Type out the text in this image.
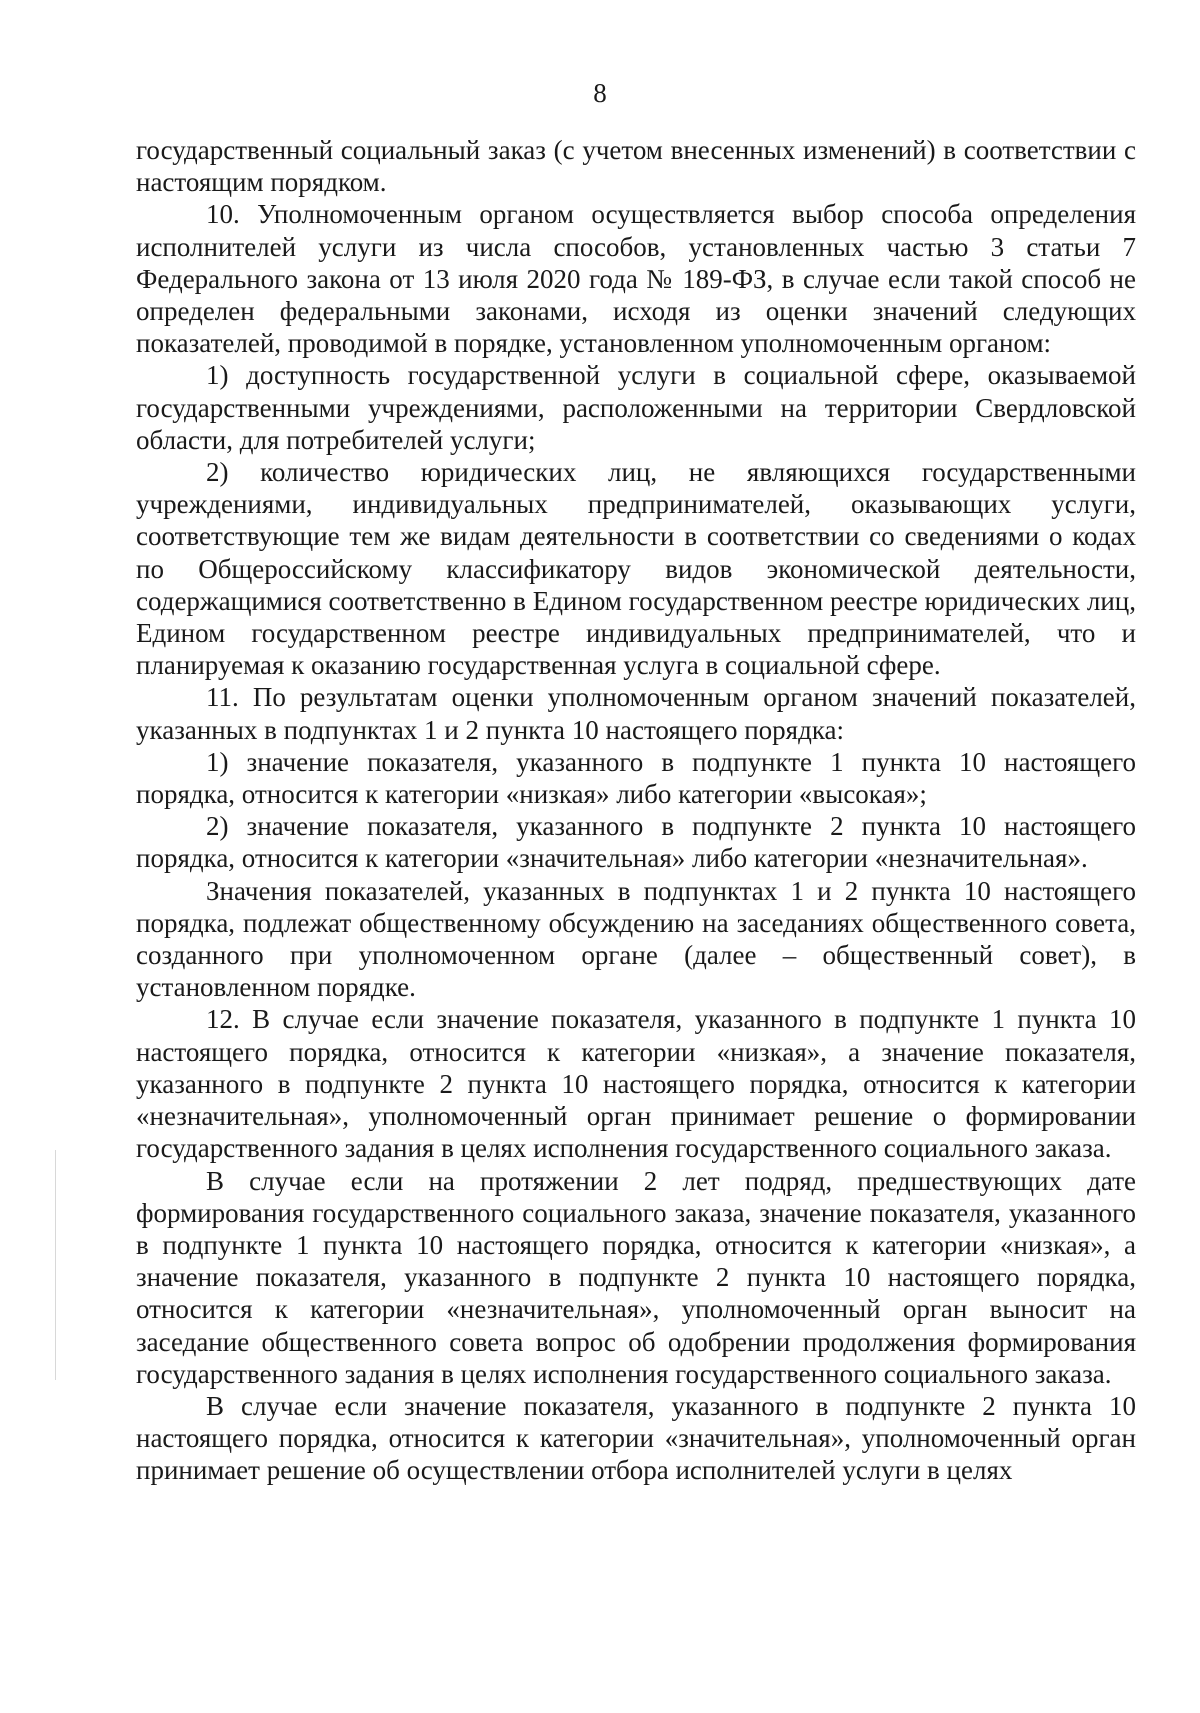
8

государственный социальный заказ (с учетом внесенных изменений) в соответствии с настоящим порядком.

10. Уполномоченным органом осуществляется выбор способа определения исполнителей услуги из числа способов, установленных частью 3 статьи 7 Федерального закона от 13 июля 2020 года № 189-ФЗ, в случае если такой способ не определен федеральными законами, исходя из оценки значений следующих показателей, проводимой в порядке, установленном уполномоченным органом:

1) доступность государственной услуги в социальной сфере, оказываемой государственными учреждениями, расположенными на территории Свердловской области, для потребителей услуги;

2) количество юридических лиц, не являющихся государственными учреждениями, индивидуальных предпринимателей, оказывающих услуги, соответствующие тем же видам деятельности в соответствии со сведениями о кодах по Общероссийскому классификатору видов экономической деятельности, содержащимися соответственно в Едином государственном реестре юридических лиц, Едином государственном реестре индивидуальных предпринимателей, что и планируемая к оказанию государственная услуга в социальной сфере.

11. По результатам оценки уполномоченным органом значений показателей, указанных в подпунктах 1 и 2 пункта 10 настоящего порядка:

1) значение показателя, указанного в подпункте 1 пункта 10 настоящего порядка, относится к категории «низкая» либо категории «высокая»;

2) значение показателя, указанного в подпункте 2 пункта 10 настоящего порядка, относится к категории «значительная» либо категории «незначительная».

Значения показателей, указанных в подпунктах 1 и 2 пункта 10 настоящего порядка, подлежат общественному обсуждению на заседаниях общественного совета, созданного при уполномоченном органе (далее – общественный совет), в установленном порядке.

12. В случае если значение показателя, указанного в подпункте 1 пункта 10 настоящего порядка, относится к категории «низкая», а значение показателя, указанного в подпункте 2 пункта 10 настоящего порядка, относится к категории «незначительная», уполномоченный орган принимает решение о формировании государственного задания в целях исполнения государственного социального заказа.

В случае если на протяжении 2 лет подряд, предшествующих дате формирования государственного социального заказа, значение показателя, указанного в подпункте 1 пункта 10 настоящего порядка, относится к категории «низкая», а значение показателя, указанного в подпункте 2 пункта 10 настоящего порядка, относится к категории «незначительная», уполномоченный орган выносит на заседание общественного совета вопрос об одобрении продолжения формирования государственного задания в целях исполнения государственного социального заказа.

В случае если значение показателя, указанного в подпункте 2 пункта 10 настоящего порядка, относится к категории «значительная», уполномоченный орган принимает решение об осуществлении отбора исполнителей услуги в целях
